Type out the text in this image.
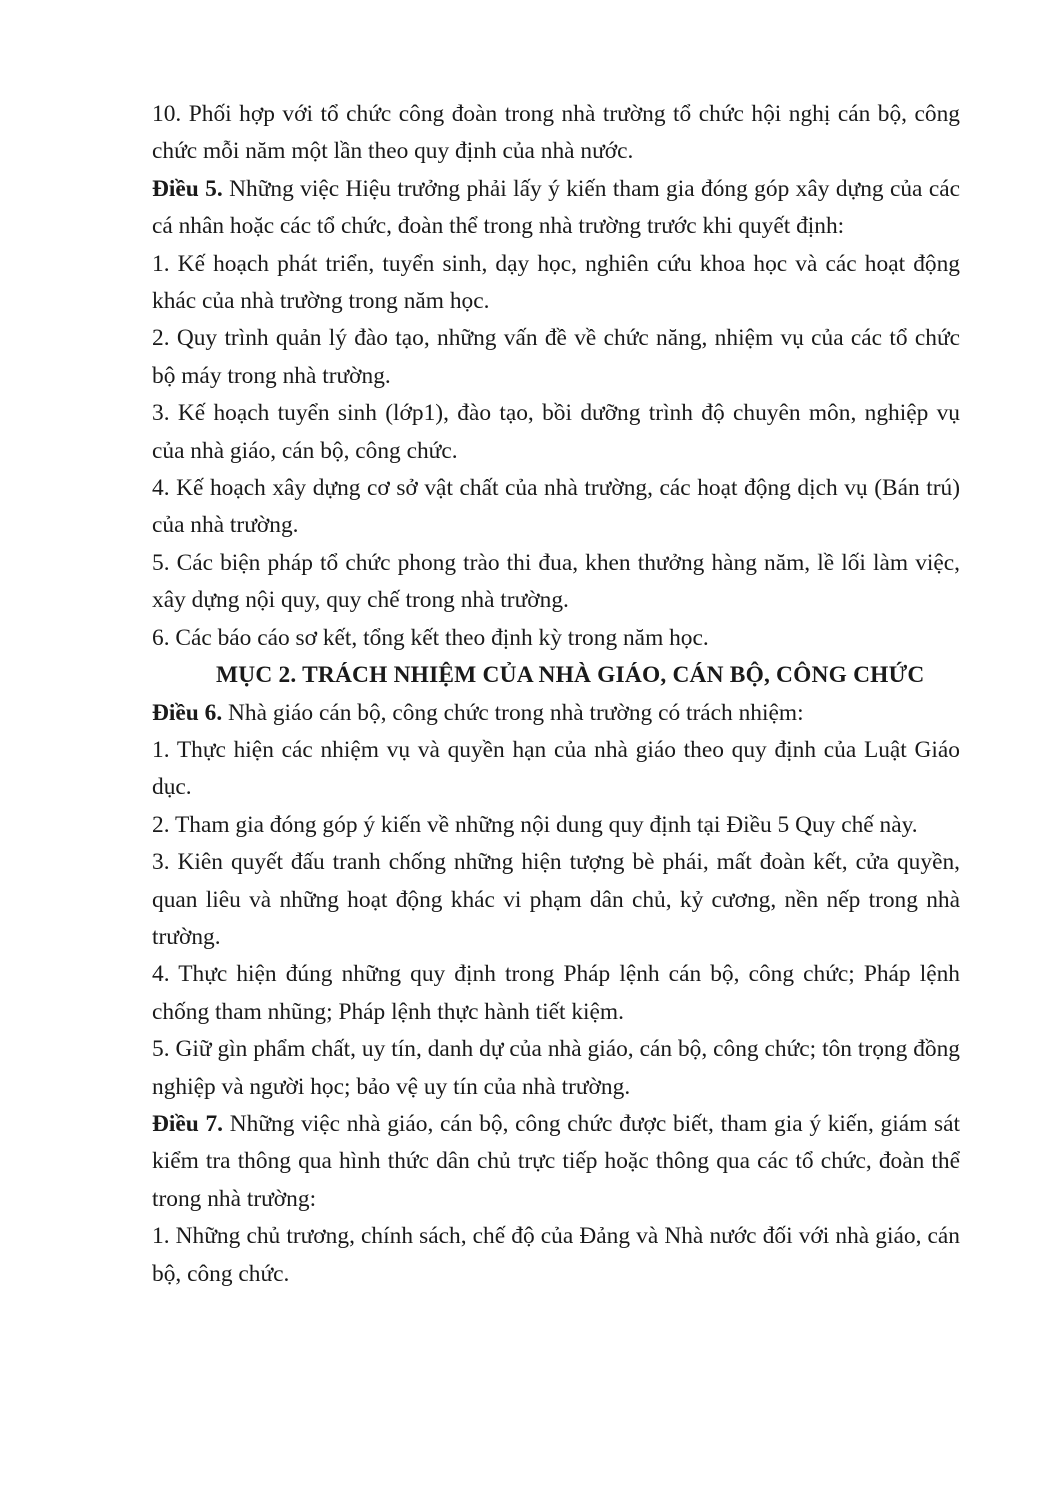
10. Phối hợp với tổ chức công đoàn trong nhà trường tổ chức hội nghị cán bộ, công chức mỗi năm một lần theo quy định của nhà nước.

Điều 5. Những việc Hiệu trưởng phải lấy ý kiến tham gia đóng góp xây dựng của các cá nhân hoặc các tổ chức, đoàn thể trong nhà trường trước khi quyết định:

1. Kế hoạch phát triển, tuyển sinh, dạy học, nghiên cứu khoa học và các hoạt động khác của nhà trường trong năm học.

2. Quy trình quản lý đào tạo, những vấn đề về chức năng, nhiệm vụ của các tổ chức bộ máy trong nhà trường.

3. Kế hoạch tuyển sinh (lớp1), đào tạo, bồi dưỡng trình độ chuyên môn, nghiệp vụ của nhà giáo, cán bộ, công chức.

4. Kế hoạch xây dựng cơ sở vật chất của nhà trường, các hoạt động dịch vụ (Bán trú) của nhà trường.

5. Các biện pháp tổ chức phong trào thi đua, khen thưởng hàng năm, lề lối làm việc, xây dựng nội quy, quy chế trong nhà trường.

6. Các báo cáo sơ kết, tổng kết theo định kỳ trong năm học.

MỤC 2. TRÁCH NHIỆM CỦA NHÀ GIÁO, CÁN BỘ, CÔNG CHỨC

Điều 6. Nhà giáo cán bộ, công chức trong nhà trường có trách nhiệm:

1. Thực hiện các nhiệm vụ và quyền hạn của nhà giáo theo quy định của Luật Giáo dục.

2. Tham gia đóng góp ý kiến về những nội dung quy định tại Điều 5 Quy chế này.

3. Kiên quyết đấu tranh chống những hiện tượng bè phái, mất đoàn kết, cửa quyền, quan liêu và những hoạt động khác vi phạm dân chủ, kỷ cương, nền nếp trong nhà trường.

4. Thực hiện đúng những quy định trong Pháp lệnh cán bộ, công chức; Pháp lệnh chống tham nhũng; Pháp lệnh thực hành tiết kiệm.

5. Giữ gìn phẩm chất, uy tín, danh dự của nhà giáo, cán bộ, công chức; tôn trọng đồng nghiệp và người học; bảo vệ uy tín của nhà trường.

Điều 7. Những việc nhà giáo, cán bộ, công chức được biết, tham gia ý kiến, giám sát kiểm tra thông qua hình thức dân chủ trực tiếp hoặc thông qua các tổ chức, đoàn thể trong nhà trường:

1. Những chủ trương, chính sách, chế độ của Đảng và Nhà nước đối với nhà giáo, cán bộ, công chức.
